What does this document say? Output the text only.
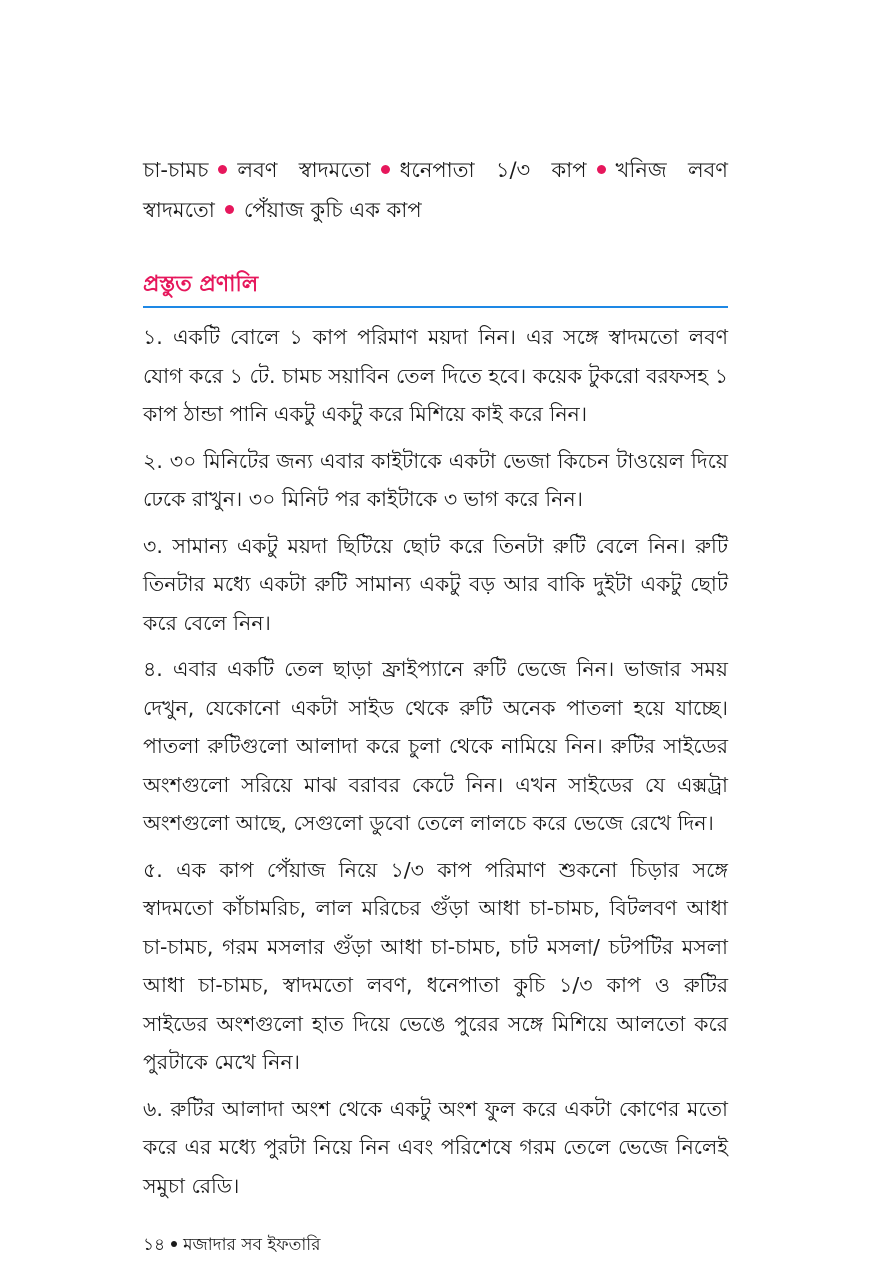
চা-চামচ লবণ স্বাদমতো ধনেপাতা ১/৩ কাপ খনিজ লবণ স্বাদমতো পেঁয়াজ কুচি এক কাপ

প্রস্তুত প্রণালি

১. একটি বোলে ১ কাপ পরিমাণ ময়দা নিন। এর সঙ্গে স্বাদমতো লবণ যোগ করে ১ টে. চামচ সয়াবিন তেল দিতে হবে। কয়েক টুকরো বরফসহ ১ কাপ ঠান্ডা পানি একটু একটু করে মিশিয়ে কাই করে নিন।

২. ৩০ মিনিটের জন্য এবার কাইটাকে একটা ভেজা কিচেন টাওয়েল দিয়ে ঢেকে রাখুন। ৩০ মিনিট পর কাইটাকে ৩ ভাগ করে নিন।

৩. সামান্য একটু ময়দা ছিটিয়ে ছোট করে তিনটা রুটি বেলে নিন। রুটি তিনটার মধ্যে একটা রুটি সামান্য একটু বড় আর বাকি দুইটা একটু ছোট করে বেলে নিন।

৪. এবার একটি তেল ছাড়া ফ্রাইপ্যানে রুটি ভেজে নিন। ভাজার সময় দেখুন, যেকোনো একটা সাইড থেকে রুটি অনেক পাতলা হয়ে যাচ্ছে। পাতলা রুটিগুলো আলাদা করে চুলা থেকে নামিয়ে নিন। রুটির সাইডের অংশগুলো সরিয়ে মাঝ বরাবর কেটে নিন। এখন সাইডের যে এক্সট্রা অংশগুলো আছে, সেগুলো ডুবো তেলে লালচে করে ভেজে রেখে দিন।

৫. এক কাপ পেঁয়াজ নিয়ে ১/৩ কাপ পরিমাণ শুকনো চিড়ার সঙ্গে স্বাদমতো কাঁচামরিচ, লাল মরিচের গুঁড়া আধা চা-চামচ, বিটলবণ আধা চা-চামচ, গরম মসলার গুঁড়া আধা চা-চামচ, চাট মসলা/ চটপটির মসলা আধা চা-চামচ, স্বাদমতো লবণ, ধনেপাতা কুচি ১/৩ কাপ ও রুটির সাইডের অংশগুলো হাত দিয়ে ভেঙে পুরের সঙ্গে মিশিয়ে আলতো করে পুরটাকে মেখে নিন।

৬. রুটির আলাদা অংশ থেকে একটু অংশ ফুল করে একটা কোণের মতো করে এর মধ্যে পুরটা নিয়ে নিন এবং পরিশেষে গরম তেলে ভেজে নিলেই সমুচা রেডি।

১৪ মজাদার সব ইফতারি
